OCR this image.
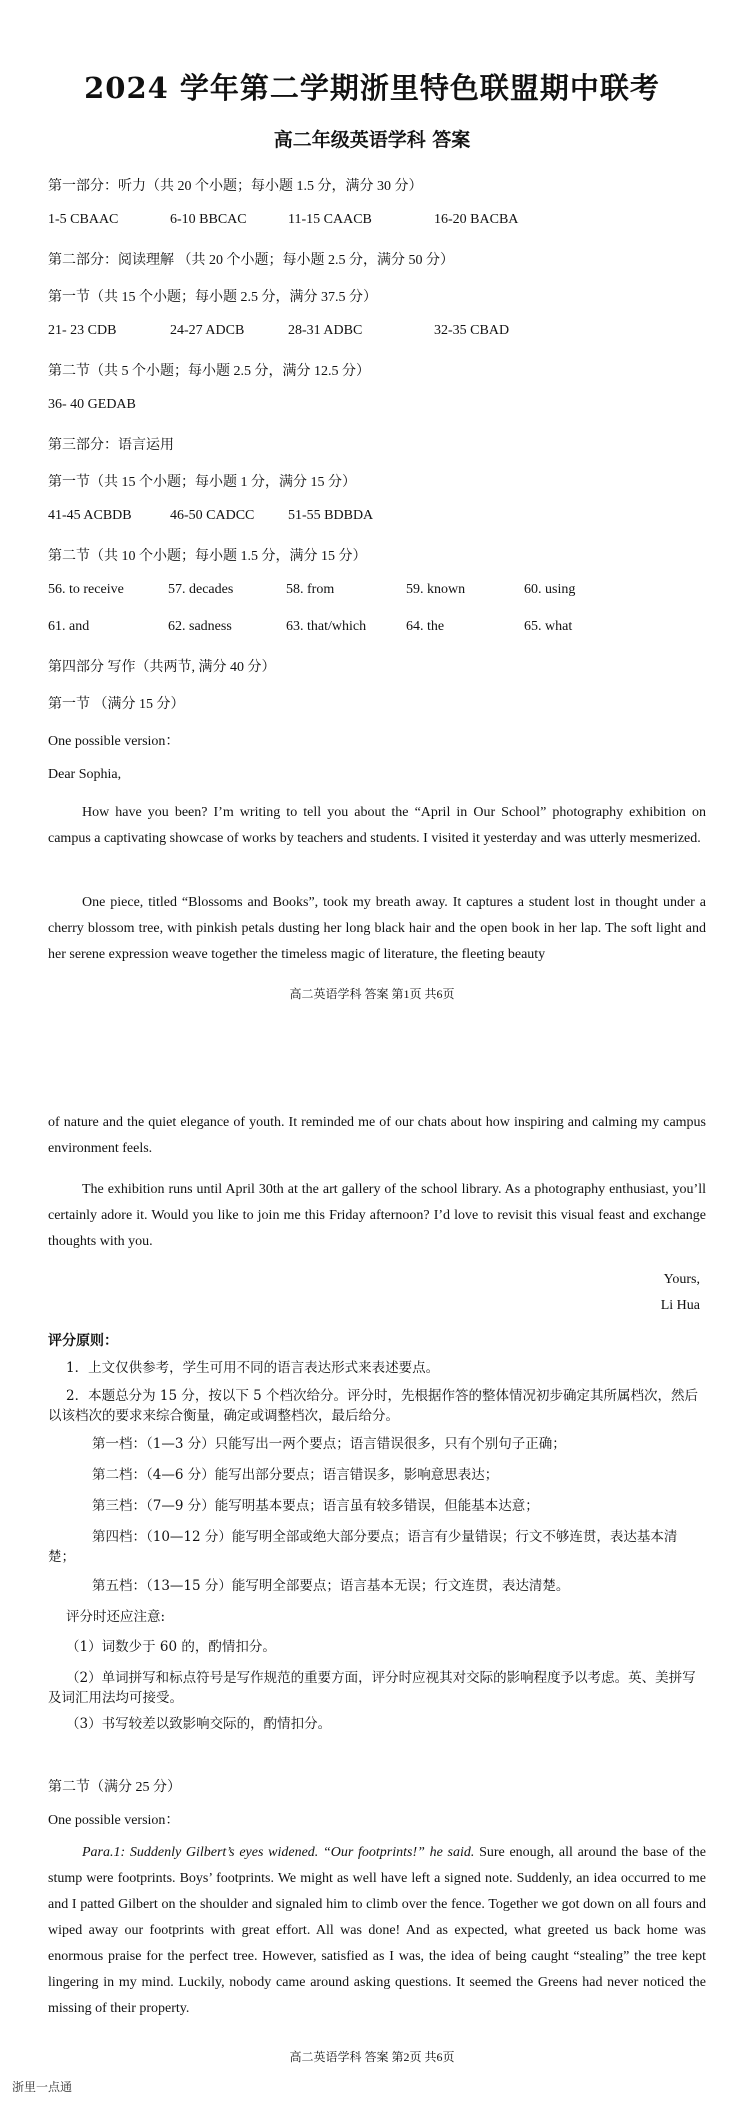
2024 学年第二学期浙里特色联盟期中联考
高二年级英语学科 答案
第一部分：听力（共 20 个小题；每小题 1.5 分，满分 30 分）
1-5 CBAAC	6-10 BBCAC	11-15 CAACB	16-20 BACBA
第二部分：阅读理解 （共 20 个小题；每小题 2.5 分，满分 50 分）
第一节（共 15 个小题；每小题 2.5 分，满分 37.5 分）
21- 23 CDB	24-27 ADCB	28-31 ADBC	32-35 CBAD
第二节（共 5 个小题；每小题 2.5 分，满分 12.5 分）
36- 40 GEDAB
第三部分：语言运用
第一节（共 15 个小题；每小题 1 分，满分 15 分）
41-45 ACBDB	46-50 CADCC 51-55 BDBDA
第二节（共 10 个小题；每小题 1.5 分，满分 15 分）
56. to receive	57. decades	58. from	59. known	60. using
61. and	62. sadness	63. that/which	64. the	65. what
第四部分 写作（共两节, 满分 40 分）
第一节 （满分 15 分）
One possible version：
Dear Sophia,

How have you been? I’m writing to tell you about the “April in Our School” photography exhibition on campus a captivating showcase of works by teachers and students. I visited it yesterday and was utterly mesmerized.

One piece, titled “Blossoms and Books”, took my breath away. It captures a student lost in thought under a cherry blossom tree, with pinkish petals dusting her long black hair and the open book in her lap. The soft light and her serene expression weave together the timeless magic of literature, the fleeting beauty

高二英语学科 答案 第1页 共6页

of nature and the quiet elegance of youth. It reminded me of our chats about how inspiring and calming my campus environment feels.

The exhibition runs until April 30th at the art gallery of the school library. As a photography enthusiast, you’ll certainly adore it. Would you like to join me this Friday afternoon? I’d love to revisit this visual feast and exchange thoughts with you.

Yours,
Li Hua
评分原则：
1．上文仅供参考，学生可用不同的语言表达形式来表述要点。
2．本题总分为 15 分，按以下 5 个档次给分。评分时，先根据作答的整体情况初步确定其所属档次，然后以该档次的要求来综合衡量，确定或调整档次，最后给分。
第一档：（1—3 分）只能写出一两个要点；语言错误很多，只有个别句子正确；
第二档：（4—6 分）能写出部分要点；语言错误多，影响意思表达；
第三档：（7—9 分）能写明基本要点；语言虽有较多错误，但能基本达意；
第四档：（10—12 分）能写明全部或绝大部分要点；语言有少量错误；行文不够连贯，表达基本清楚；
第五档：（13—15 分）能写明全部要点；语言基本无误；行文连贯，表达清楚。
评分时还应注意:
（1）词数少于 60 的，酌情扣分。
（2）单词拼写和标点符号是写作规范的重要方面，评分时应视其对交际的影响程度予以考虑。英、美拼写及词汇用法均可接受。
（3）书写较差以致影响交际的，酌情扣分。
第二节（满分 25 分）
One possible version：

Para.1: Suddenly Gilbert’s eyes widened. “Our footprints!” he said. Sure enough, all around the base of the stump were footprints. Boys’ footprints. We might as well have left a signed note. Suddenly, an idea occurred to me and I patted Gilbert on the shoulder and signaled him to climb over the fence. Together we got down on all fours and wiped away our footprints with great effort. All was done! And as expected, what greeted us back home was enormous praise for the perfect tree. However, satisfied as I was, the idea of being caught “stealing” the tree kept lingering in my mind. Luckily, nobody came around asking questions. It seemed the Greens had never noticed the missing of their property.

高二英语学科 答案 第2页 共6页
浙里一点通
